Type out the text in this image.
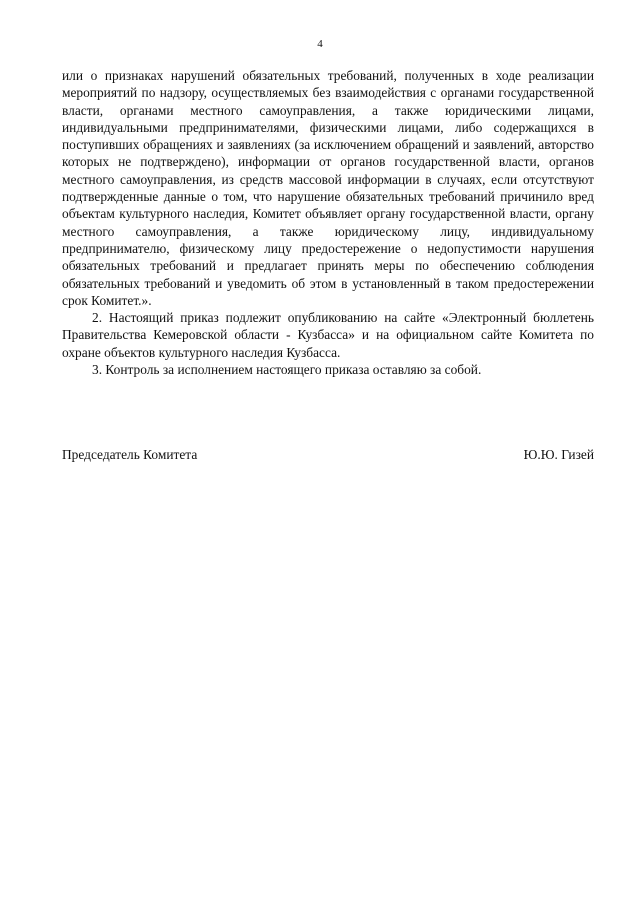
4

или о признаках нарушений обязательных требований, полученных в ходе реализации мероприятий по надзору, осуществляемых без взаимодействия с органами государственной власти, органами местного самоуправления, а также юридическими лицами, индивидуальными предпринимателями, физическими лицами, либо содержащихся в поступивших обращениях и заявлениях (за исключением обращений и заявлений, авторство которых не подтверждено), информации от органов государственной власти, органов местного самоуправления, из средств массовой информации в случаях, если отсутствуют подтвержденные данные о том, что нарушение обязательных требований причинило вред объектам культурного наследия, Комитет объявляет органу государственной власти, органу местного самоуправления, а также юридическому лицу, индивидуальному предпринимателю, физическому лицу предостережение о недопустимости нарушения обязательных требований и предлагает принять меры по обеспечению соблюдения обязательных требований и уведомить об этом в установленный в таком предостережении срок Комитет.».

2. Настоящий приказ подлежит опубликованию на сайте «Электронный бюллетень Правительства Кемеровской области - Кузбасса» и на официальном сайте Комитета по охране объектов культурного наследия Кузбасса.

3. Контроль за исполнением настоящего приказа оставляю за собой.

Председатель Комитета	Ю.Ю. Гизей
